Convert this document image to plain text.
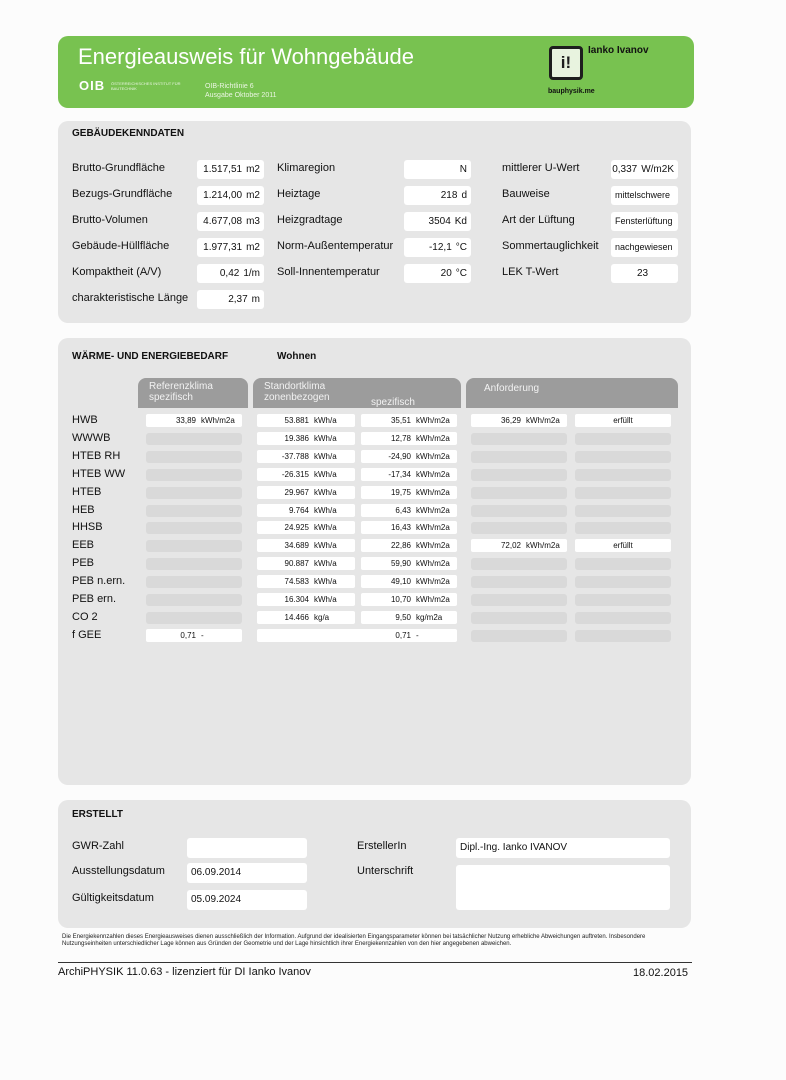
Energieausweis für Wohngebäude
OIB ÖSTERREICHISCHES INSTITUT FÜR BAUTECHNIK	OIB-Richtlinie 6
Ausgabe Oktober 2011
i!
Ianko Ivanov
bauphysik.me
GEBÄUDEKENNDATEN
Brutto-Grundfläche	1.517,51 m2
Bezugs-Grundfläche	1.214,00 m2
Brutto-Volumen	4.677,08 m3
Gebäude-Hüllfläche	1.977,31 m2
Kompaktheit (A/V)	0,42 1/m
charakteristische Länge	2,37 m
Klimaregion	N
Heiztage	218 d
Heizgradtage	3504 Kd
Norm-Außentemperatur	-12,1 °C
Soll-Innentemperatur	20 °C
mittlerer U-Wert	0,337 W/m2K
Bauweise	mittelschwere
Art der Lüftung	Fensterlüftung
Sommertauglichkeit	nachgewiesen
LEK T-Wert	23
WÄRME- UND ENERGIEBEDARF	Wohnen
Referenzklima
spezifisch
Standortklima
zonenbezogen	spezifisch
Anforderung
HWB	33,89 kWh/m2a	53.881 kWh/a	35,51 kWh/m2a	36,29 kWh/m2a	erfüllt
WWWB	19.386 kWh/a	12,78 kWh/m2a
HTEB RH	-37.788 kWh/a	-24,90 kWh/m2a
HTEB WW	-26.315 kWh/a	-17,34 kWh/m2a
HTEB	29.967 kWh/a	19,75 kWh/m2a
HEB	9.764 kWh/a	6,43 kWh/m2a
HHSB	24.925 kWh/a	16,43 kWh/m2a
EEB	34.689 kWh/a	22,86 kWh/m2a	72,02 kWh/m2a	erfüllt
PEB	90.887 kWh/a	59,90 kWh/m2a
PEB n.ern.	74.583 kWh/a	49,10 kWh/m2a
PEB ern.	16.304 kWh/a	10,70 kWh/m2a
CO 2	14.466 kg/a	9,50 kg/m2a
f GEE	0,71 -	0,71 -
ERSTELLT
GWR-Zahl
Ausstellungsdatum	06.09.2014
Gültigkeitsdatum	05.09.2024
ErstellerIn	Dipl.-Ing. Ianko IVANOV
Unterschrift
Die Energiekennzahlen dieses Energieausweises dienen ausschließlich der Information. Aufgrund der idealisierten Eingangsparameter können bei tatsächlicher Nutzung erhebliche Abweichungen auftreten. Insbesondere Nutzungseinheiten unterschiedlicher Lage können aus Gründen der Geometrie und der Lage hinsichtlich ihrer Energiekennzahlen von den hier angegebenen abweichen.
ArchiPHYSIK 11.0.63 - lizenziert für DI Ianko Ivanov	18.02.2015
